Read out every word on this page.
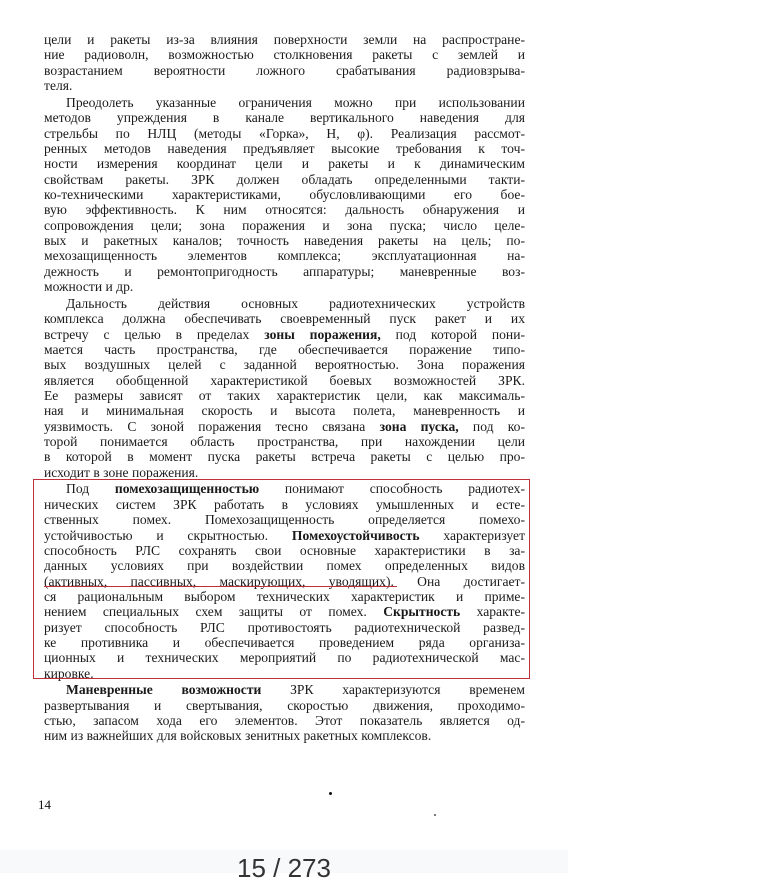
цели и ракеты из-за влияния поверхности земли на распростране-
ние радиоволн, возможностью столкновения ракеты с землей и
возрастанием вероятности ложного срабатывания радиовзрыва-
теля.
Преодолеть указанные ограничения можно при использовании
методов упреждения в канале вертикального наведения для
стрельбы по НЛЦ (методы «Горка», Н, φ). Реализация рассмот-
ренных методов наведения предъявляет высокие требования к точ-
ности измерения координат цели и ракеты и к динамическим
свойствам ракеты. ЗРК должен обладать определенными такти-
ко-техническими характеристиками, обусловливающими его бое-
вую эффективность. К ним относятся: дальность обнаружения и
сопровождения цели; зона поражения и зона пуска; число целе-
вых и ракетных каналов; точность наведения ракеты на цель; по-
мехозащищенность элементов комплекса; эксплуатационная на-
дежность и ремонтопригодность аппаратуры; маневренные воз-
можности и др.
Дальность действия основных радиотехнических устройств
комплекса должна обеспечивать своевременный пуск ракет и их
встречу с целью в пределах зоны поражения, под которой пони-
мается часть пространства, где обеспечивается поражение типо-
вых воздушных целей с заданной вероятностью. Зона поражения
является обобщенной характеристикой боевых возможностей ЗРК.
Ее размеры зависят от таких характеристик цели, как максималь-
ная и минимальная скорость и высота полета, маневренность и
уязвимость. С зоной поражения тесно связана зона пуска, под ко-
торой понимается область пространства, при нахождении цели
в которой в момент пуска ракеты встреча ракеты с целью про-
исходит в зоне поражения.
Под помехозащищенностью понимают способность радиотех-
нических систем ЗРК работать в условиях умышленных и есте-
ственных помех. Помехозащищенность определяется помехо-
устойчивостью и скрытностью. Помехоустойчивость характеризует
способность РЛС сохранять свои основные характеристики в за-
данных условиях при воздействии помех определенных видов
(активных, пассивных, маскирующих, уводящих). Она достигает-
ся рациональным выбором технических характеристик и приме-
нением специальных схем защиты от помех. Скрытность характе-
ризует способность РЛС противостоять радиотехнической развед-
ке противника и обеспечивается проведением ряда организа-
ционных и технических мероприятий по радиотехнической мас-
кировке.
Маневренные возможности ЗРК характеризуются временем
развертывания и свертывания, скоростью движения, проходимо-
стью, запасом хода его элементов. Этот показатель является од-
ним из важнейших для войсковых зенитных ракетных комплексов.
14
15 / 273
